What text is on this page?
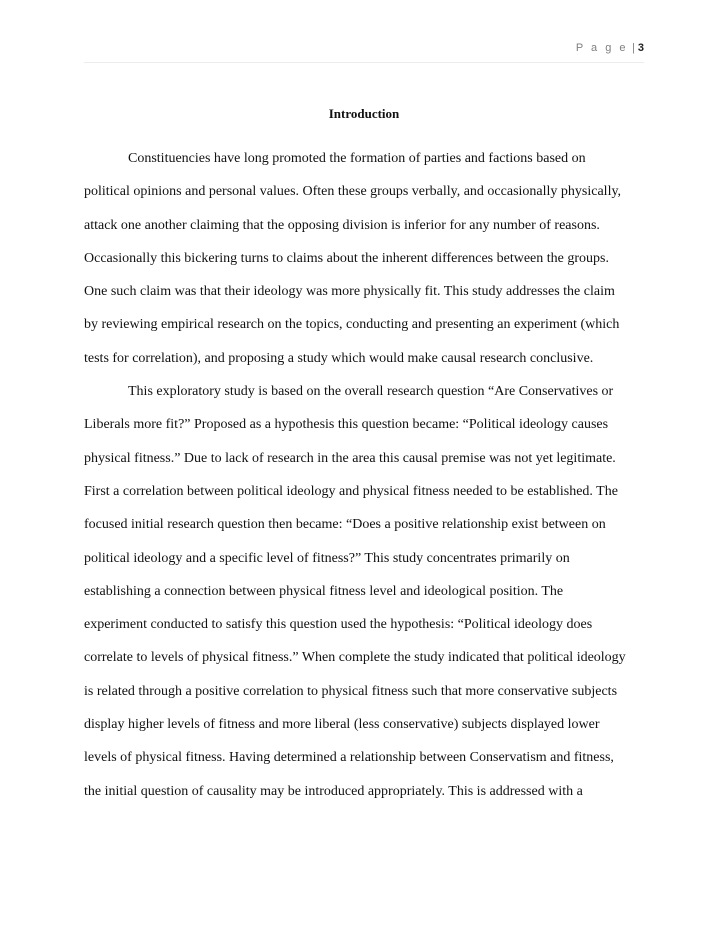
P a g e | 3
Introduction
Constituencies have long promoted the formation of parties and factions based on
political opinions and personal values. Often these groups verbally, and occasionally physically,
attack one another claiming that the opposing division is inferior for any number of reasons.
Occasionally this bickering turns to claims about the inherent differences between the groups.
One such claim was that their ideology was more physically fit. This study addresses the claim
by reviewing empirical research on the topics, conducting and presenting an experiment (which
tests for correlation), and proposing a study which would make causal research conclusive.
This exploratory study is based on the overall research question “Are Conservatives or
Liberals more fit?” Proposed as a hypothesis this question became: “Political ideology causes
physical fitness.” Due to lack of research in the area this causal premise was not yet legitimate.
First a correlation between political ideology and physical fitness needed to be established. The
focused initial research question then became: “Does a positive relationship exist between on
political ideology and a specific level of fitness?” This study concentrates primarily on
establishing a connection between physical fitness level and ideological position. The
experiment conducted to satisfy this question used the hypothesis: “Political ideology does
correlate to levels of physical fitness.” When complete the study indicated that political ideology
is related through a positive correlation to physical fitness such that more conservative subjects
display higher levels of fitness and more liberal (less conservative) subjects displayed lower
levels of physical fitness. Having determined a relationship between Conservatism and fitness,
the initial question of causality may be introduced appropriately. This is addressed with a
